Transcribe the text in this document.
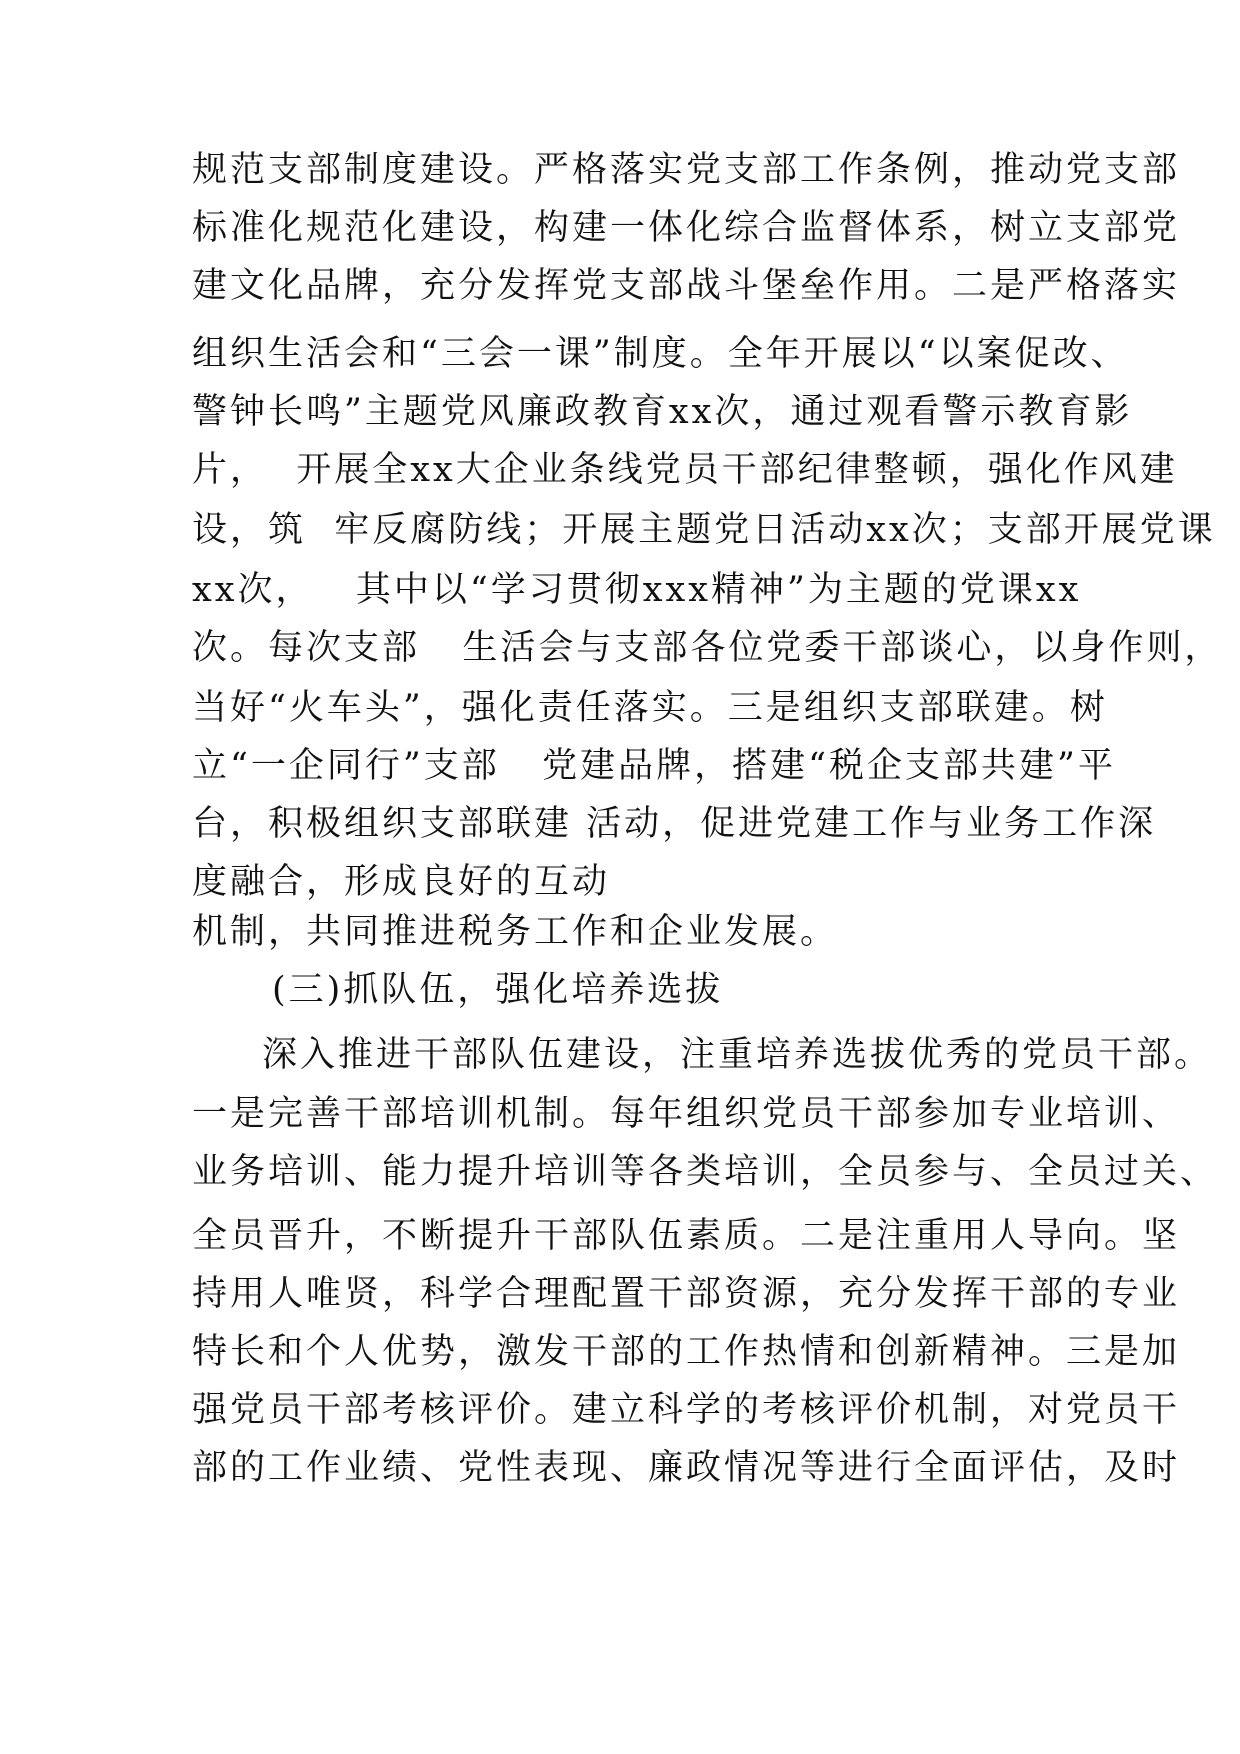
规范支部制度建设。严格落实党支部工作条例，推动党支部
标准化规范化建设，构建一体化综合监督体系，树立支部党
建文化品牌，充分发挥党支部战斗堡垒作用。二是严格落实
组织生活会和“三会一课”制度。全年开展以“以案促改、
警钟长鸣”主题党风廉政教育xx次，通过观看警示教育影
片，  开展全xx大企业条线党员干部纪律整顿，强化作风建
设，筑  牢反腐防线；开展主题党日活动xx次；支部开展党课
xx次，   其中以“学习贯彻xxx精神”为主题的党课xx
次。每次支部   生活会与支部各位党委干部谈心，以身作则，
当好“火车头”，强化责任落实。三是组织支部联建。树
立“一企同行”支部   党建品牌，搭建“税企支部共建”平
台，积极组织支部联建 活动，促进党建工作与业务工作深
度融合，形成良好的互动
机制，共同推进税务工作和企业发展。
(三)抓队伍，强化培养选拔
深入推进干部队伍建设，注重培养选拔优秀的党员干部。
一是完善干部培训机制。每年组织党员干部参加专业培训、
业务培训、能力提升培训等各类培训，全员参与、全员过关、
全员晋升，不断提升干部队伍素质。二是注重用人导向。坚
持用人唯贤，科学合理配置干部资源，充分发挥干部的专业
特长和个人优势，激发干部的工作热情和创新精神。三是加
强党员干部考核评价。建立科学的考核评价机制，对党员干
部的工作业绩、党性表现、廉政情况等进行全面评估，及时
